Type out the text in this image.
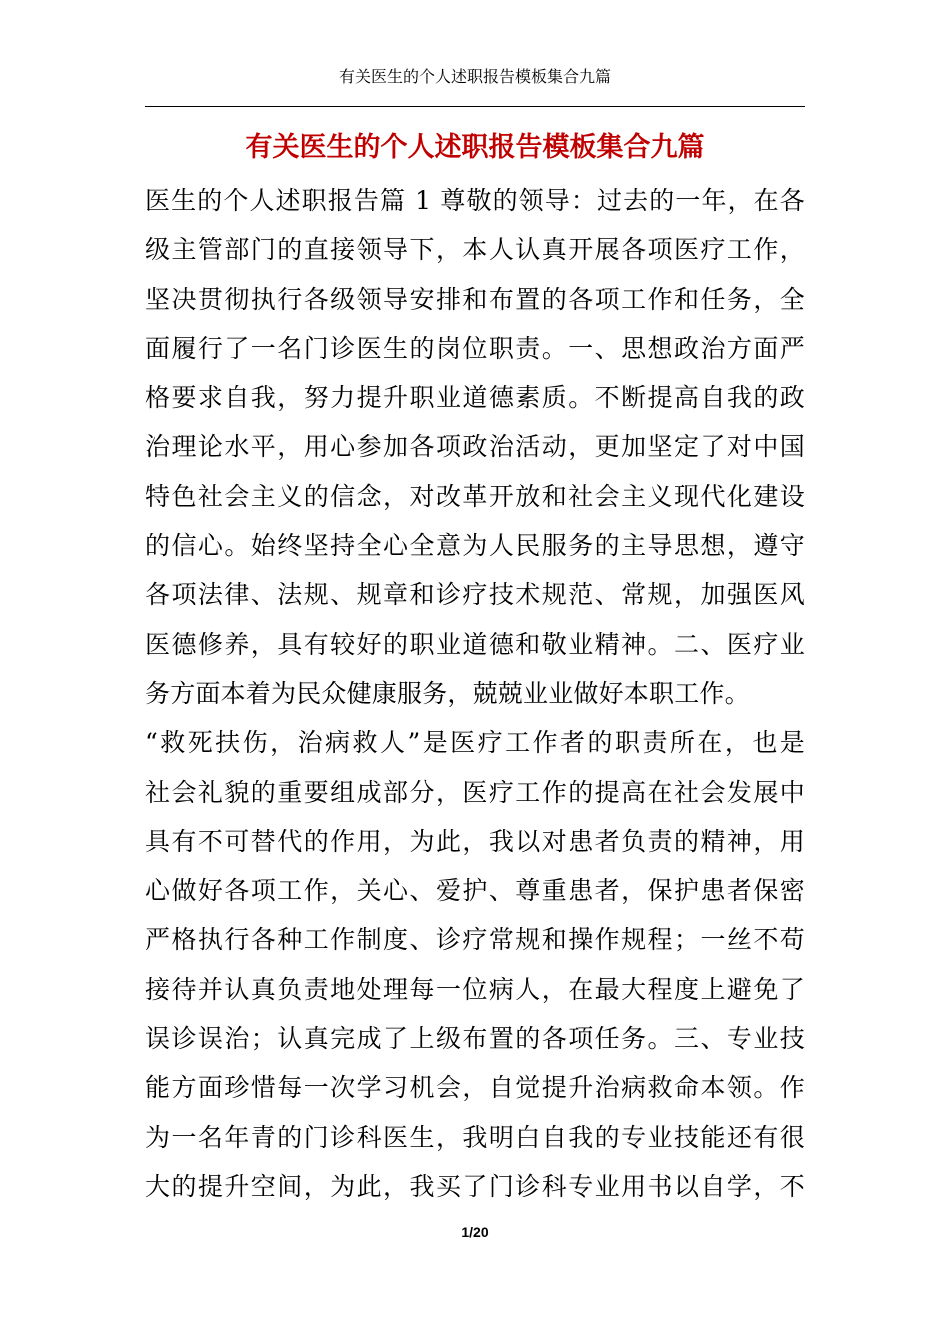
有关医生的个人述职报告模板集合九篇
有关医生的个人述职报告模板集合九篇
医生的个人述职报告篇 1 尊敬的领导：过去的一年，在各
级主管部门的直接领导下，本人认真开展各项医疗工作，
坚决贯彻执行各级领导安排和布置的各项工作和任务，全
面履行了一名门诊医生的岗位职责。一、思想政治方面严
格要求自我，努力提升职业道德素质。不断提高自我的政
治理论水平，用心参加各项政治活动，更加坚定了对中国
特色社会主义的信念，对改革开放和社会主义现代化建设
的信心。始终坚持全心全意为人民服务的主导思想，遵守
各项法律、法规、规章和诊疗技术规范、常规，加强医风
医德修养，具有较好的职业道德和敬业精神。二、医疗业
务方面本着为民众健康服务，兢兢业业做好本职工作。
“救死扶伤，治病救人”是医疗工作者的职责所在，也是
社会礼貌的重要组成部分，医疗工作的提高在社会发展中
具有不可替代的作用，为此，我以对患者负责的精神，用
心做好各项工作，关心、爱护、尊重患者，保护患者保密
严格执行各种工作制度、诊疗常规和操作规程；一丝不苟
接待并认真负责地处理每一位病人，在最大程度上避免了
误诊误治；认真完成了上级布置的各项任务。三、专业技
能方面珍惜每一次学习机会，自觉提升治病救命本领。作
为一名年青的门诊科医生，我明白自我的专业技能还有很
大的提升空间，为此，我买了门诊科专业用书以自学，不
1/20
